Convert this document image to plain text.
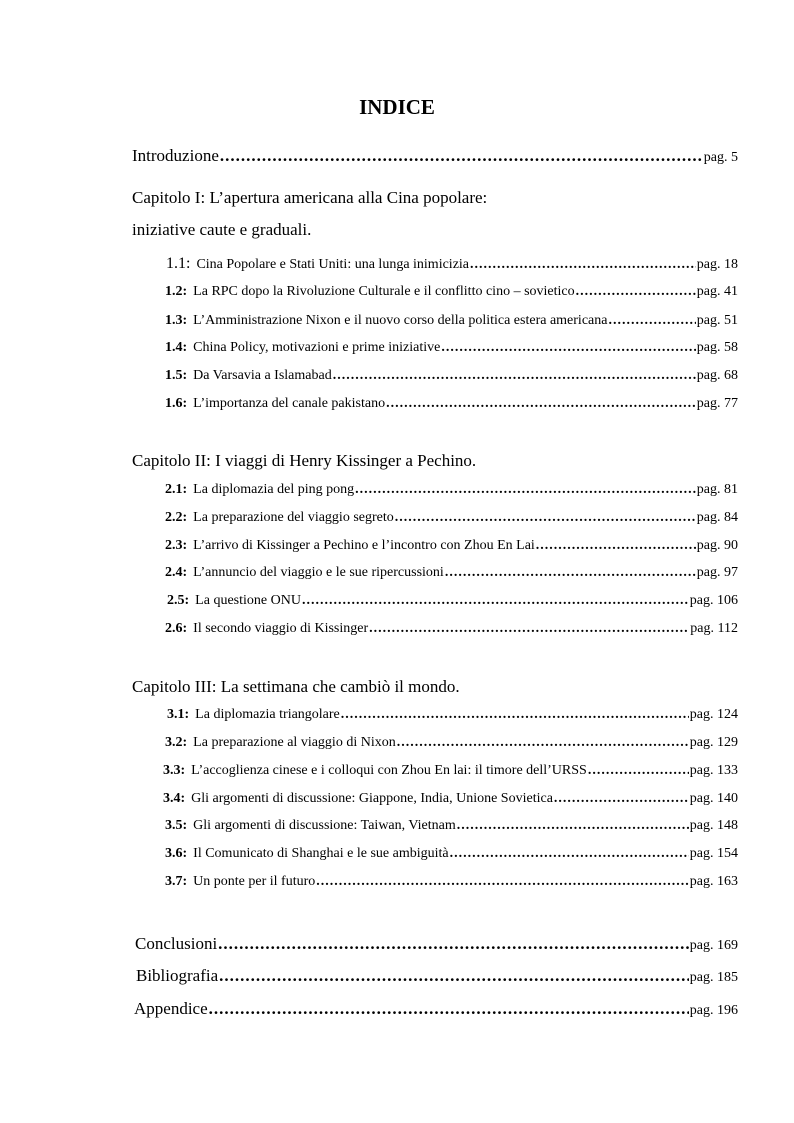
INDICE
Introduzione .....	pag. 5
Capitolo I: L’apertura americana alla Cina popolare:
iniziative caute e graduali.
1.1: Cina Popolare e Stati Uniti: una lunga inimicizia .....	pag. 18
1.2: La RPC dopo la Rivoluzione Culturale e il conflitto cino – sovietico .....	pag. 41
1.3: L’Amministrazione Nixon e il nuovo corso della politica estera americana .....	pag. 51
1.4: China Policy, motivazioni e prime iniziative .....	pag. 58
1.5: Da Varsavia a Islamabad .....	pag. 68
1.6: L’importanza del canale pakistano .....	pag. 77
Capitolo II: I viaggi di Henry Kissinger a Pechino.
2.1: La diplomazia del ping pong .....	pag. 81
2.2: La preparazione del viaggio segreto .....	pag. 84
2.3: L’arrivo di Kissinger a Pechino e l’incontro con Zhou En Lai .....	pag. 90
2.4: L’annuncio del viaggio e le sue ripercussioni .....	pag. 97
2.5: La questione ONU .....	pag. 106
2.6: Il secondo viaggio di Kissinger .....	pag. 112
Capitolo III: La settimana che cambiò il mondo.
3.1: La diplomazia triangolare .....	pag. 124
3.2: La preparazione al viaggio di Nixon .....	pag. 129
3.3: L’accoglienza cinese e i colloqui con Zhou En lai: il timore dell’URSS .....	pag. 133
3.4: Gli argomenti di discussione: Giappone, India, Unione Sovietica .....	pag. 140
3.5: Gli argomenti di discussione: Taiwan, Vietnam .....	pag. 148
3.6: Il Comunicato di Shanghai e le sue ambiguità .....	pag. 154
3.7: Un ponte per il futuro .....	pag. 163
Conclusioni .....	pag. 169
Bibliografia .....	pag. 185
Appendice .....	pag. 196
